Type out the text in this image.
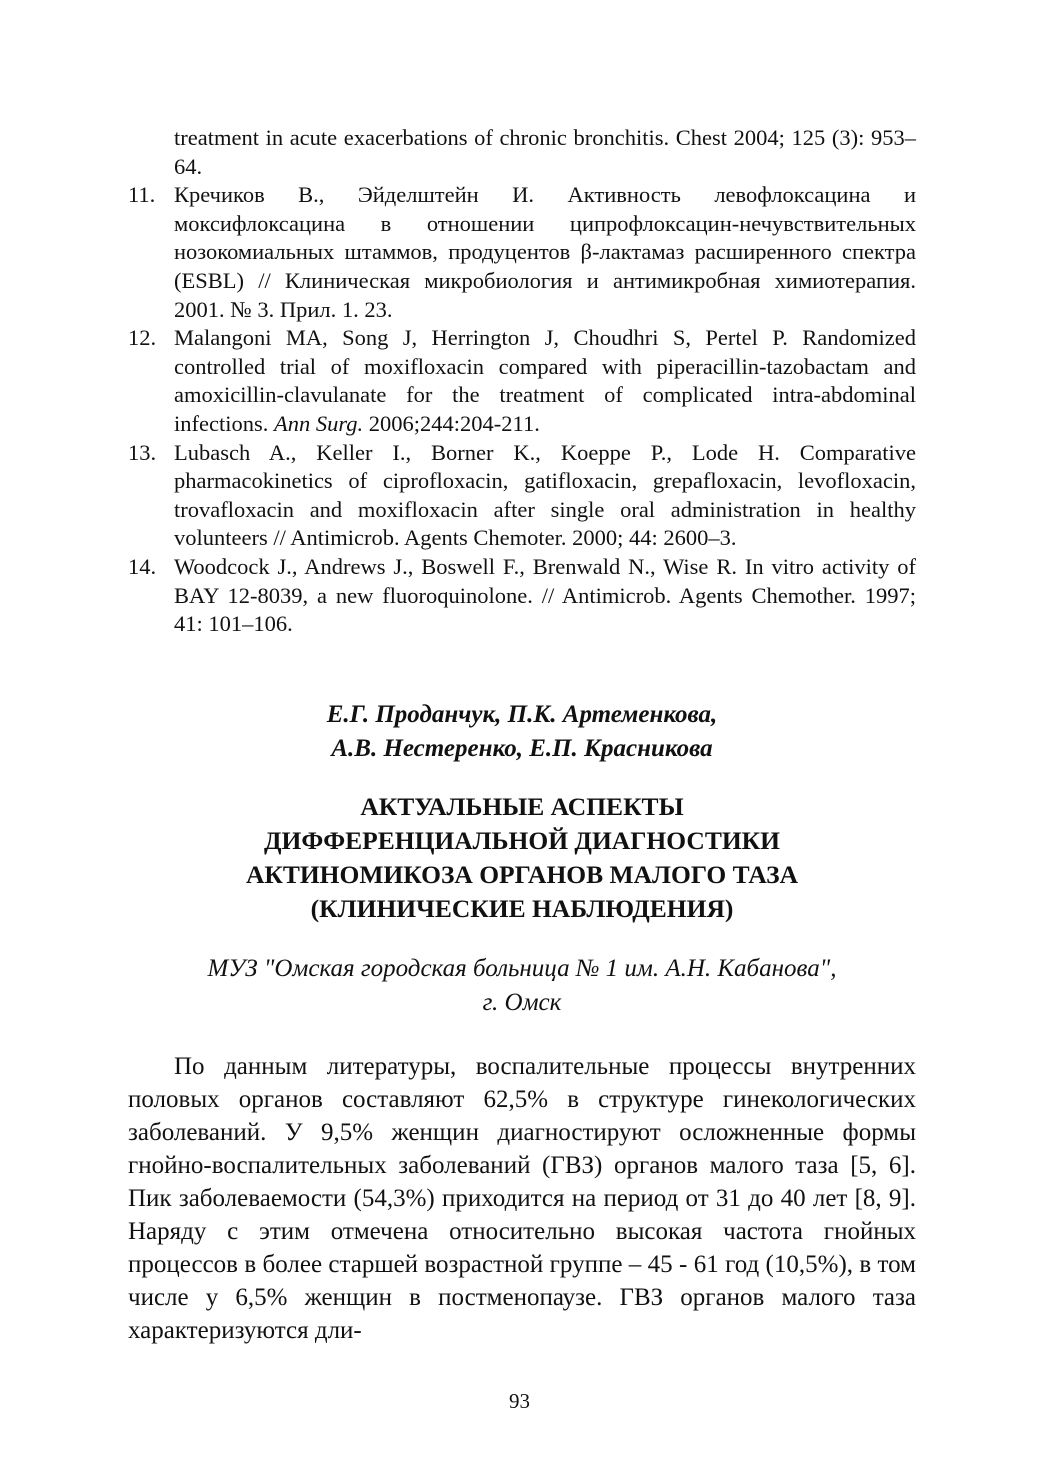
treatment in acute exacerbations of chronic bronchitis. Chest 2004; 125 (3): 953–64.
11. Кречиков В., Эйделштейн И. Активность левофлоксацина и моксифлоксацина в отношении ципрофлоксацин-нечувствительных нозокомиальных штаммов, продуцентов β-лактамаз расширенного спектра (ESBL) // Клиническая микробиология и антимикробная химиотерапия. 2001. № 3. Прил. 1. 23.
12. Malangoni MA, Song J, Herrington J, Choudhri S, Pertel P. Randomized controlled trial of moxifloxacin compared with piperacillin-tazobactam and amoxicillin-clavulanate for the treatment of complicated intra-abdominal infections. Ann Surg. 2006;244:204-211.
13. Lubasch A., Keller I., Borner K., Koeppe P., Lode H. Comparative pharmacokinetics of ciprofloxacin, gatifloxacin, grepafloxacin, levofloxacin, trovafloxacin and moxifloxacin after single oral administration in healthy volunteers // Antimicrob. Agents Chemoter. 2000; 44: 2600–3.
14. Woodcock J., Andrews J., Boswell F., Brenwald N., Wise R. In vitro activity of BAY 12-8039, a new fluoroquinolone. // Antimicrob. Agents Chemother. 1997; 41: 101–106.
Е.Г. Проданчук, П.К. Артеменкова,
А.В. Нестеренко, Е.П. Красникова
АКТУАЛЬНЫЕ АСПЕКТЫ
ДИФФЕРЕНЦИАЛЬНОЙ ДИАГНОСТИКИ
АКТИНОМИКОЗА ОРГАНОВ МАЛОГО ТАЗА
(КЛИНИЧЕСКИЕ НАБЛЮДЕНИЯ)
МУЗ "Омская городская больница № 1 им. А.Н. Кабанова",
г. Омск

По данным литературы, воспалительные процессы внутренних половых органов составляют 62,5% в структуре гинекологических заболеваний. У 9,5% женщин диагностируют осложненные формы гнойно-воспалительных заболеваний (ГВЗ) органов малого таза [5, 6]. Пик заболеваемости (54,3%) приходится на период от 31 до 40 лет [8, 9]. Наряду с этим отмечена относительно высокая частота гнойных процессов в более старшей возрастной группе – 45 - 61 год (10,5%), в том числе у 6,5% женщин в постменопаузе. ГВЗ органов малого таза характеризуются дли-

93
